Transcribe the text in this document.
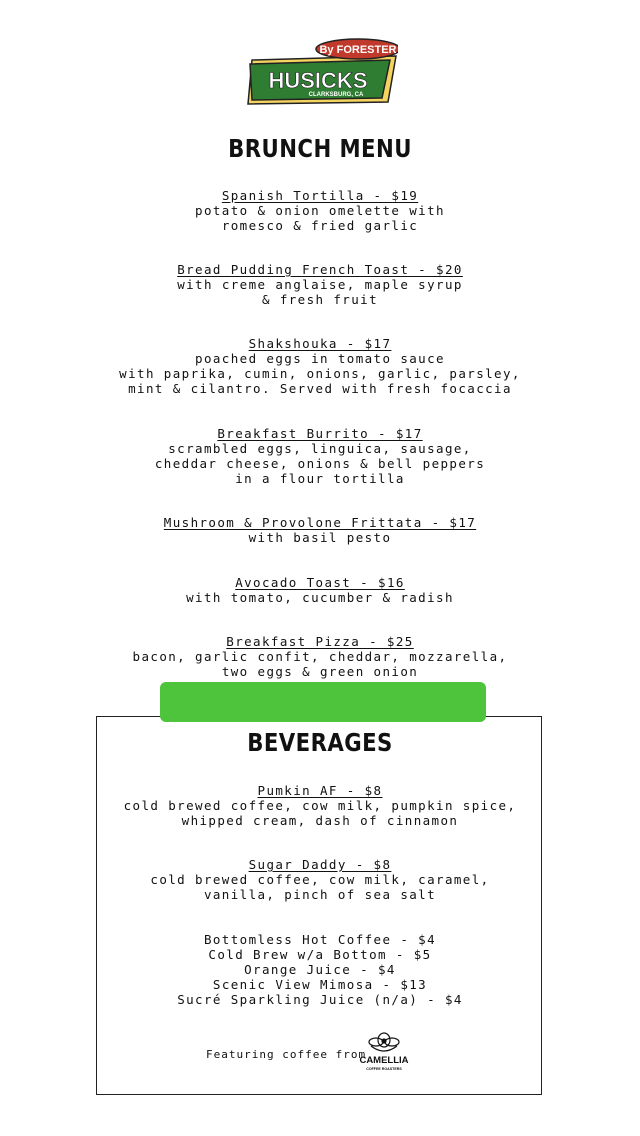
By FORESTER
HUSICKS
CLARKSBURG, CA
BRUNCH MENU
Spanish Tortilla - $19
potato & onion omelette with
romesco & fried garlic
Bread Pudding French Toast - $20
with creme anglaise, maple syrup
& fresh fruit
Shakshouka - $17
poached eggs in tomato sauce
with paprika, cumin, onions, garlic, parsley,
mint & cilantro. Served with fresh focaccia
Breakfast Burrito - $17
scrambled eggs, linguica, sausage,
cheddar cheese, onions & bell peppers
in a flour tortilla
Mushroom & Provolone Frittata - $17
with basil pesto
Avocado Toast - $16
with tomato, cucumber & radish
Breakfast Pizza - $25
bacon, garlic confit, cheddar, mozzarella,
two eggs & green onion
BEVERAGES
Pumkin AF - $8
cold brewed coffee, cow milk, pumpkin spice,
whipped cream, dash of cinnamon
Sugar Daddy - $8
cold brewed coffee, cow milk, caramel,
vanilla, pinch of sea salt
Bottomless Hot Coffee - $4
Cold Brew w/a Bottom - $5
Orange Juice - $4
Scenic View Mimosa - $13
Sucré Sparkling Juice (n/a) - $4
Featuring coffee from
CAMELLIA
COFFEE ROASTERS
